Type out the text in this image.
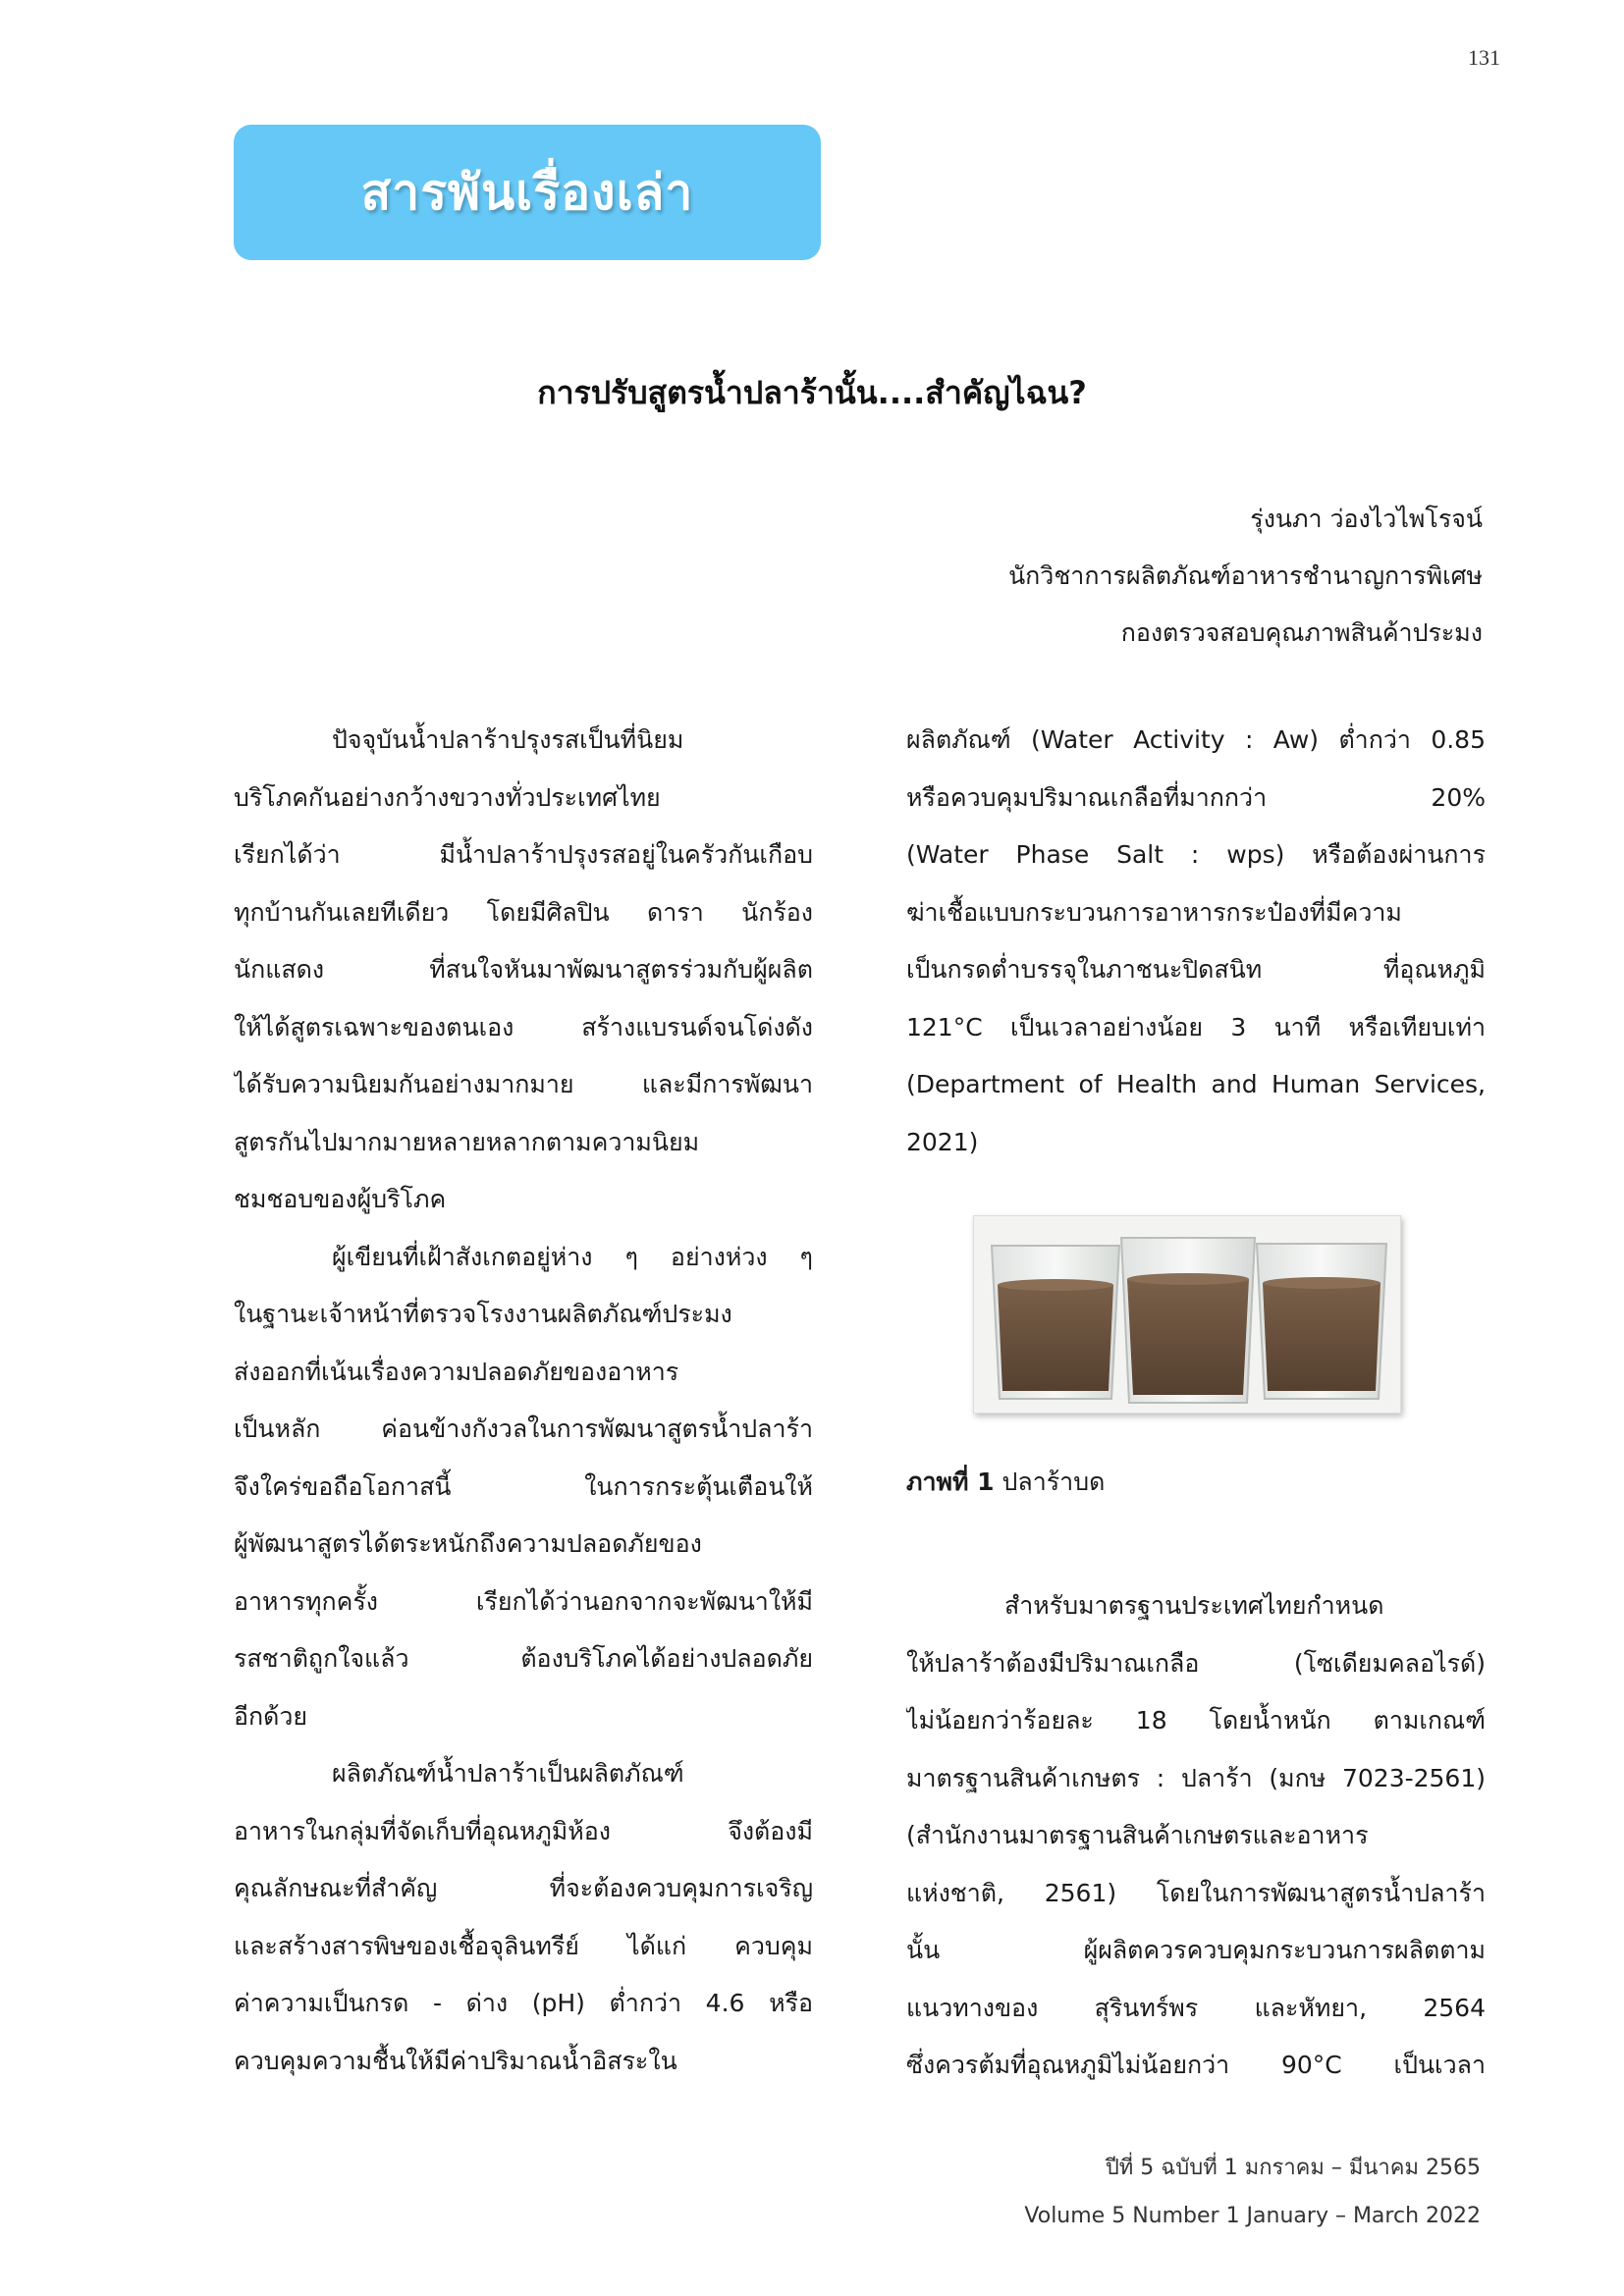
131
สารพันเรื่องเล่า
การปรับสูตรน้ำปลาร้านั้น....สำคัญไฉน?
รุ่งนภา ว่องไวไพโรจน์
นักวิชาการผลิตภัณฑ์อาหารชำนาญการพิเศษ
กองตรวจสอบคุณภาพสินค้าประมง
ปัจจุบันน้ำปลาร้าปรุงรสเป็นที่นิยม
บริโภคกันอย่างกว้างขวางทั่วประเทศไทย
เรียกได้ว่า มีน้ำปลาร้าปรุงรสอยู่ในครัวกันเกือบ
ทุกบ้านกันเลยทีเดียว โดยมีศิลปิน ดารา นักร้อง
นักแสดง ที่สนใจหันมาพัฒนาสูตรร่วมกับผู้ผลิต
ให้ได้สูตรเฉพาะของตนเอง สร้างแบรนด์จนโด่งดัง
ได้รับความนิยมกันอย่างมากมาย และมีการพัฒนา
สูตรกันไปมากมายหลายหลากตามความนิยม
ชมชอบของผู้บริโภค
ผู้เขียนที่เฝ้าสังเกตอยู่ห่าง ๆ อย่างห่วง ๆ
ในฐานะเจ้าหน้าที่ตรวจโรงงานผลิตภัณฑ์ประมง
ส่งออกที่เน้นเรื่องความปลอดภัยของอาหาร
เป็นหลัก ค่อนข้างกังวลในการพัฒนาสูตรน้ำปลาร้า
จึงใคร่ขอถือโอกาสนี้ ในการกระตุ้นเตือนให้
ผู้พัฒนาสูตรได้ตระหนักถึงความปลอดภัยของ
อาหารทุกครั้ง เรียกได้ว่านอกจากจะพัฒนาให้มี
รสชาติถูกใจแล้ว ต้องบริโภคได้อย่างปลอดภัย
อีกด้วย
ผลิตภัณฑ์น้ำปลาร้าเป็นผลิตภัณฑ์
อาหารในกลุ่มที่จัดเก็บที่อุณหภูมิห้อง จึงต้องมี
คุณลักษณะที่สำคัญ ที่จะต้องควบคุมการเจริญ
และสร้างสารพิษของเชื้อจุลินทรีย์ ได้แก่ ควบคุม
ค่าความเป็นกรด - ด่าง (pH) ต่ำกว่า 4.6 หรือ
ควบคุมความชื้นให้มีค่าปริมาณน้ำอิสระใน
ผลิตภัณฑ์ (Water Activity : Aw) ต่ำกว่า 0.85
หรือควบคุมปริมาณเกลือที่มากกว่า 20%
(Water Phase Salt : wps) หรือต้องผ่านการ
ฆ่าเชื้อแบบกระบวนการอาหารกระป๋องที่มีความ
เป็นกรดต่ำบรรจุในภาชนะปิดสนิท ที่อุณหภูมิ
121°C เป็นเวลาอย่างน้อย 3 นาที หรือเทียบเท่า
(Department of Health and Human Services,
2021)
ภาพที่ 1 ปลาร้าบด
สำหรับมาตรฐานประเทศไทยกำหนด
ให้ปลาร้าต้องมีปริมาณเกลือ (โซเดียมคลอไรด์)
ไม่น้อยกว่าร้อยละ 18 โดยน้ำหนัก ตามเกณฑ์
มาตรฐานสินค้าเกษตร : ปลาร้า (มกษ 7023-2561)
(สำนักงานมาตรฐานสินค้าเกษตรและอาหาร
แห่งชาติ, 2561) โดยในการพัฒนาสูตรน้ำปลาร้า
นั้น ผู้ผลิตควรควบคุมกระบวนการผลิตตาม
แนวทางของ สุรินทร์พร และหัทยา, 2564
ซึ่งควรต้มที่อุณหภูมิไม่น้อยกว่า 90°C เป็นเวลา
ปีที่ 5 ฉบับที่ 1 มกราคม – มีนาคม 2565
Volume 5 Number 1 January – March 2022
